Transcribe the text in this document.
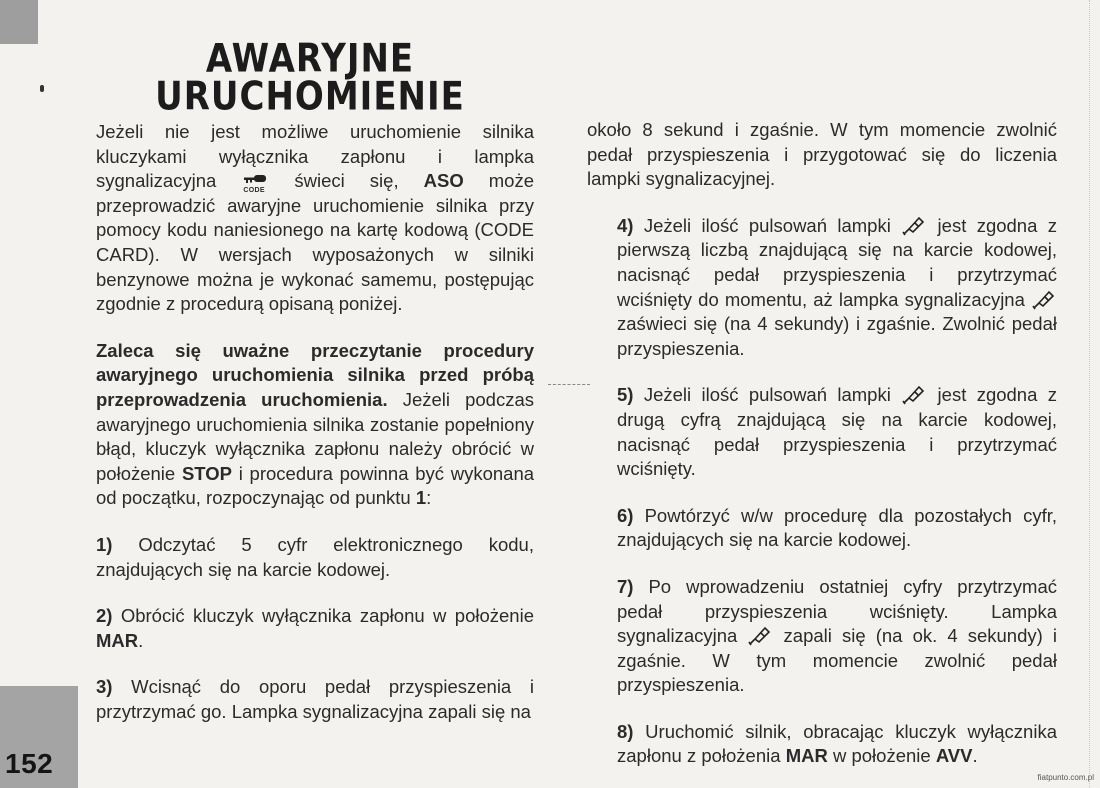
AWARYJNE
URUCHOMIENIE

Jeżeli nie jest możliwe uruchomienie silnika kluczykami wyłącznika zapłonu i lampka sygnalizacyjna	CODE świeci się, ASO może przeprowadzić awaryjne uruchomienie silnika przy pomocy kodu naniesionego na kartę kodową (CODE CARD). W wersjach wyposażonych w silniki benzynowe można je wykonać samemu, postępując zgodnie z procedurą opisaną poniżej.

Zaleca się uważne przeczytanie procedury awaryjnego uruchomienia silnika przed próbą przeprowadzenia uruchomienia. Jeżeli podczas awaryjnego uruchomienia silnika zostanie popełniony błąd, kluczyk wyłącznika zapłonu należy obrócić w położenie STOP i procedura powinna być wykonana od początku, rozpoczynając od punktu 1:

1) Odczytać 5 cyfr elektronicznego kodu, znajdujących się na karcie kodowej.

2) Obrócić kluczyk wyłącznika zapłonu w położenie MAR.

3) Wcisnąć do oporu pedał przyspieszenia i przytrzymać go. Lampka sygnalizacyjna zapali się na

około 8 sekund i zgaśnie. W tym momencie zwolnić pedał przyspieszenia i przygotować się do liczenia lampki sygnalizacyjnej.

4) Jeżeli ilość pulsowań lampki	jest zgodna z pierwszą liczbą znajdującą się na karcie kodowej, nacisnąć pedał przyspieszenia i przytrzymać wciśnięty do momentu, aż lampka sygnalizacyjna  zaświeci się (na 4 sekundy) i zgaśnie. Zwolnić pedał przyspieszenia.

5) Jeżeli ilość pulsowań lampki	jest zgodna z drugą cyfrą znajdującą się na karcie kodowej, nacisnąć pedał przyspieszenia i przytrzymać wciśnięty.

6) Powtórzyć w/w procedurę dla pozostałych cyfr, znajdujących się na karcie kodowej.

7) Po wprowadzeniu ostatniej cyfry przytrzymać pedał przyspieszenia wciśnięty. Lampka sygnalizacyjna zapali się (na ok. 4 sekundy) i zgaśnie. W tym momencie zwolnić pedał przyspieszenia.

8) Uruchomić silnik, obracając kluczyk wyłącznika zapłonu z położenia MAR w położenie AVV.

152	fiatpunto.com.pl
